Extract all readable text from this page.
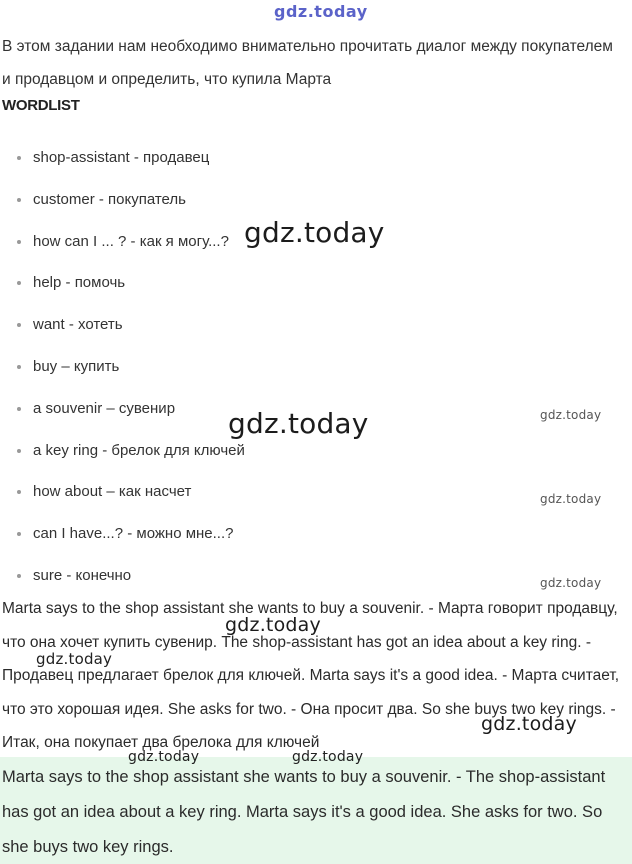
gdz.today
В этом задании нам необходимо внимательно прочитать диалог между покупателем и продавцом и определить, что купила Марта
WORDLIST
shop-assistant - продавец
customer - покупатель
how can I ... ? - как я могу...?
help - помочь
want - хотеть
buy – купить
a souvenir – сувенир
a key ring - брелок для ключей
how about – как насчет
can I have...? - можно мне...?
sure - конечно
Marta says to the shop assistant she wants to buy a souvenir. - Марта говорит продавцу, что она хочет купить сувенир. The shop-assistant has got an idea about a key ring. - Продавец предлагает брелок для ключей. Marta says it's a good idea. - Марта считает, что это хорошая идея. She asks for two. - Она просит два. So she buys two key rings. - Итак, она покупает два брелока для ключей
Marta says to the shop assistant she wants to buy a souvenir. - The shop-assistant has got an idea about a key ring. Marta says it's a good idea. She asks for two. So she buys two key rings.
gdz.today
gdz.today	gdz.today
gdz.today
gdz.today
gdz.today
gdz.today
gdz.today
gdz.today	gdz.today
